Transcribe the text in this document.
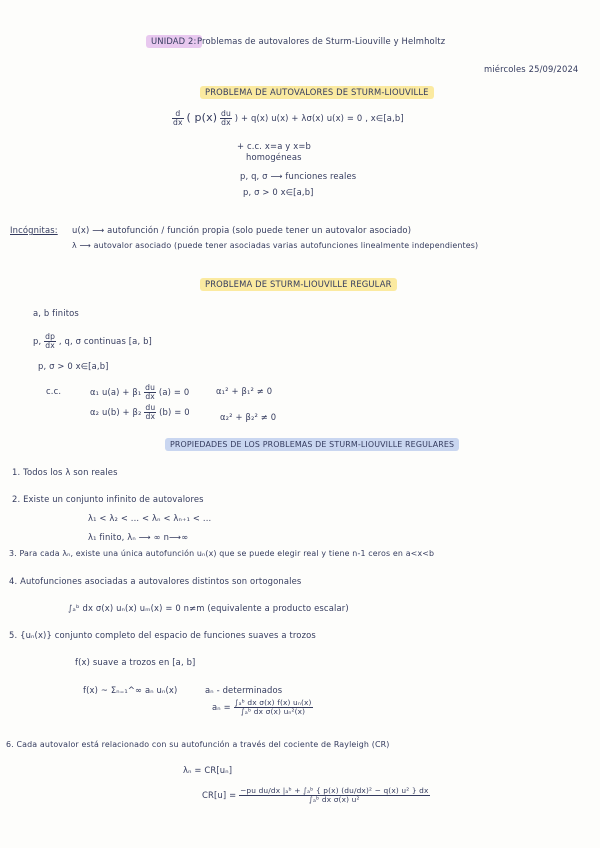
UNIDAD 2: Problemas de autovalores de Sturm-Liouville y Helmholtz
miércoles 25/09/2024
PROBLEMA DE AUTOVALORES DE STURM-LIOUVILLE
$\frac{d}{dx}$ ( $p(x) \frac{du}{dx}$ ) + q(x) u(x) + λσ(x) u(x) = 0 , x∈[a,b]
+ c.c. x=a y x=b
homogéneas
p, q, σ ⟶ funciones reales
p, σ > 0 x∈[a,b]
Incógnitas: u(x) ⟶ autofunción / función propia (solo puede tener un autovalor asociado)
λ ⟶ autovalor asociado (puede tener asociadas varias autofunciones linealmente independientes)
PROBLEMA DE STURM-LIOUVILLE REGULAR
a, b finitos
p, $\frac{dp}{dx}$ , q, σ continuas [a, b]
p, σ > 0 x∈[a,b]
c.c.	α₁ $u(a) + \beta_1 \frac{du}{dx} (a) = 0$	α₁² + β₁² ≠ 0
α₂ $u(b) + \beta_2 \frac{du}{dx} (b) = 0$	α₂² + β₂² ≠ 0
PROPIEDADES DE LOS PROBLEMAS DE STURM-LIOUVILLE REGULARES
1. Todos los λ son reales
2. Existe un conjunto infinito de autovalores
λ₁ < λ₂ < ... < λₙ < λₙ₊₁ < ...
λ₁ finito, λₙ ⟶ ∞ n⟶∞
3. Para cada λₙ, existe una única autofunción uₙ(x) que se puede elegir real y tiene n-1 ceros en a<x<b
4. Autofunciones asociadas a autovalores distintos son ortogonales
∫ₐᵇ dx σ(x) uₙ(x) uₘ(x) = 0 n≠m (equivalente a producto escalar)
5. {uₙ(x)} conjunto completo del espacio de funciones suaves a trozos
f(x) suave a trozos en [a, b]
f(x) ~ Σₙ₌₁^∞ aₙ uₙ(x)	aₙ - determinados
$a_n = \frac{\text{∫ₐᵇ dx σ(x) f(x) uₙ(x)}}{\text{∫ₐᵇ dx σ(x) uₙ²(x)}}$
6. Cada autovalor está relacionado con su autofunción a través del cociente de Rayleigh (CR)
λₙ = CR[uₙ]
$CR[u] = \frac{\text{−pu du/dx |ₐᵇ + ∫ₐᵇ \{ p(x) (du/dx)² − q(x) u² \} dx}}{\text{∫ₐᵇ dx σ(x) u²}}$
